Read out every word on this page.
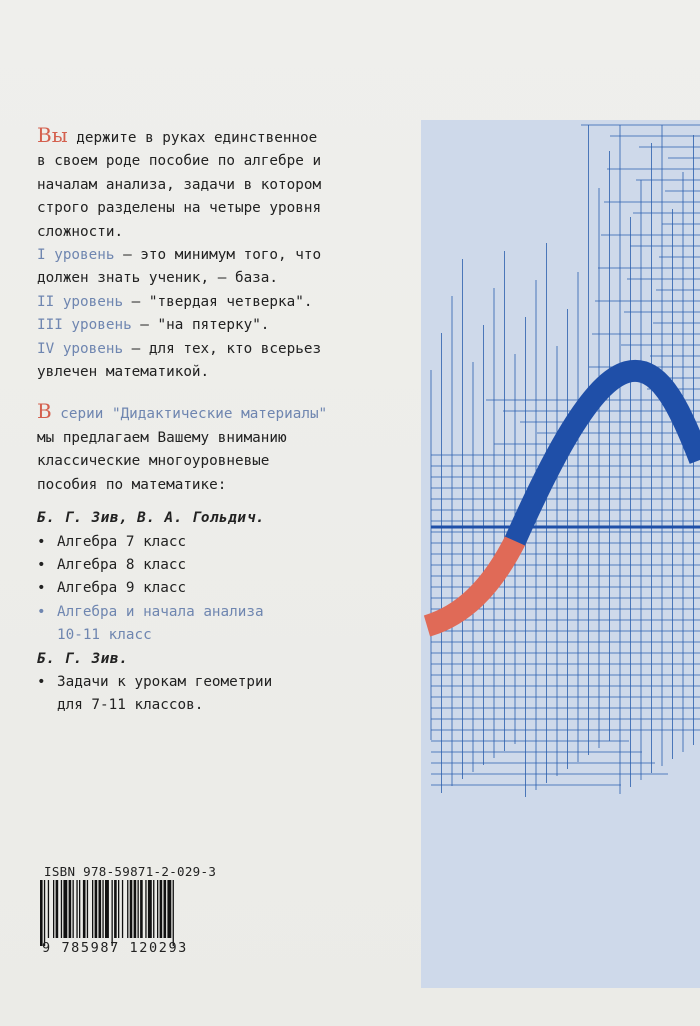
Вы держите в руках единственное
в своем роде пособие по алгебре и
началам анализа, задачи в котором
строго разделены на четыре уровня
сложности.
I уровень — это минимум того, что
должен знать ученик, — база.
II уровень — "твердая четверка".
III уровень — "на пятерку".
IV уровень — для тех, кто всерьез
увлечен математикой.
В серии "Дидактические материалы"
мы предлагаем Вашему вниманию
классические многоуровневые
пособия по математике:
Б. Г. Зив, В. А. Гольдич.
• Алгебра 7 класс
• Алгебра 8 класс
• Алгебра 9 класс
• Алгебра и начала анализа
10-11 класс
Б. Г. Зив.
• Задачи к урокам геометрии
для 7-11 классов.
ISBN 978-59871-2-029-3
9 785987 120293
